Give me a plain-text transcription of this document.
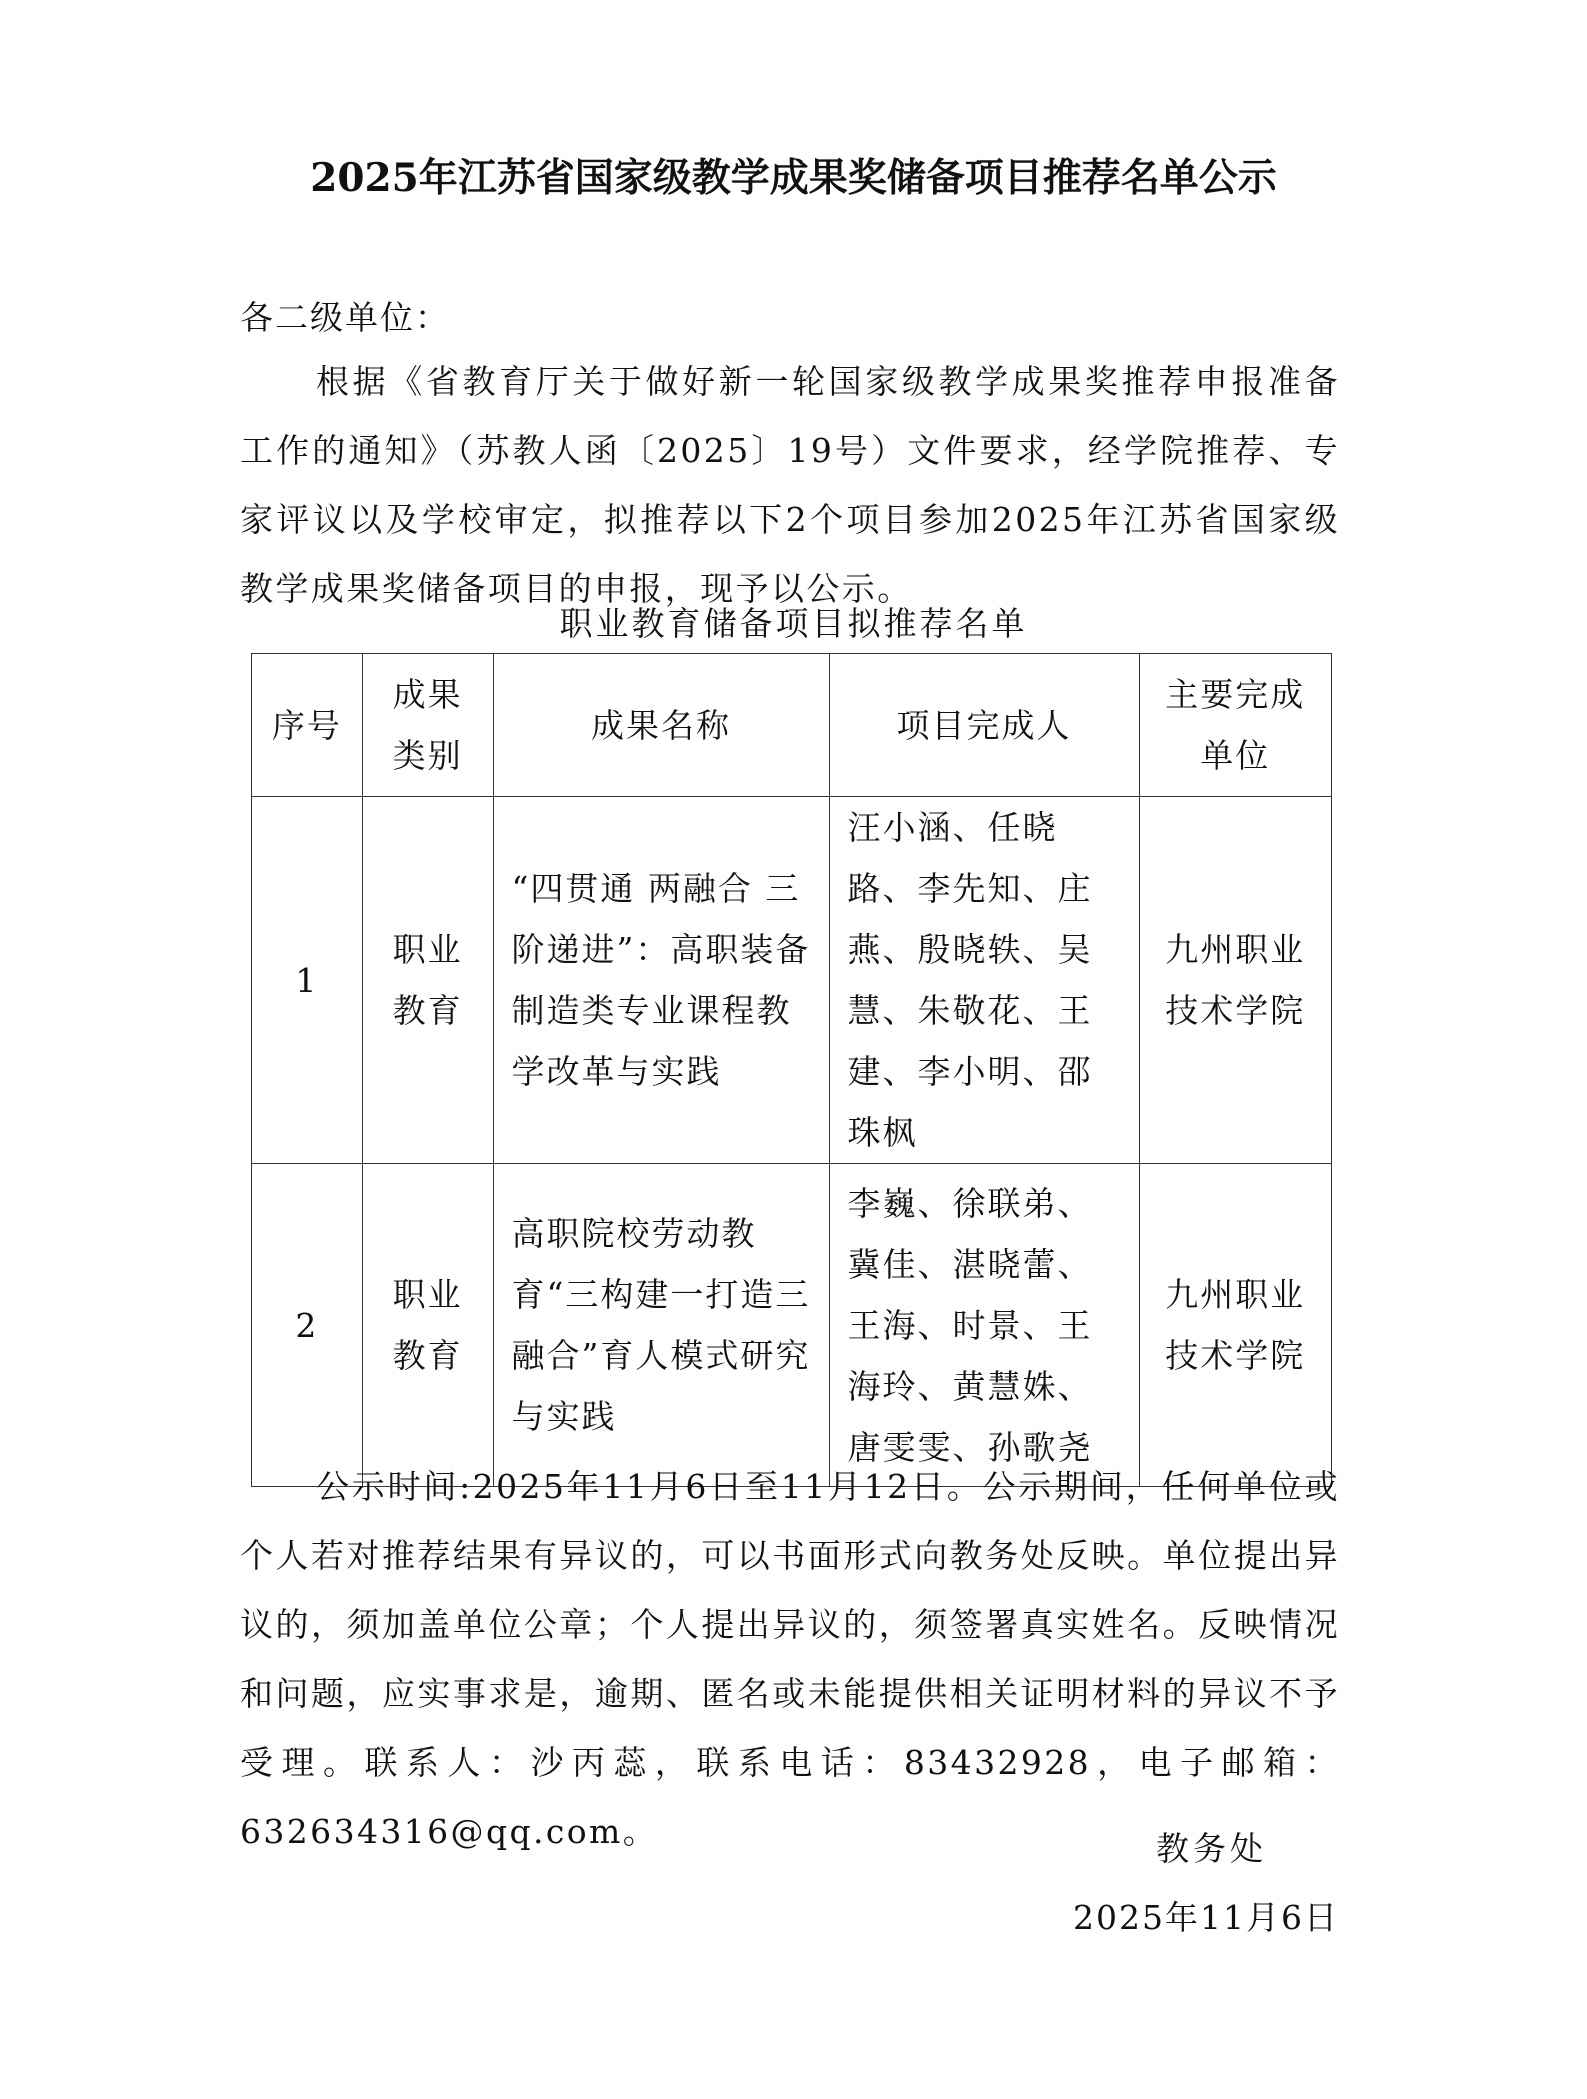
2025年江苏省国家级教学成果奖储备项目推荐名单公示
各二级单位：
根据《省教育厅关于做好新一轮国家级教学成果奖推荐申报准备工作的通知》（苏教人函〔2025〕19号）文件要求，经学院推荐、专家评议以及学校审定，拟推荐以下2个项目参加2025年江苏省国家级教学成果奖储备项目的申报，现予以公示。
职业教育储备项目拟推荐名单
序号	成果类别	成果名称	项目完成人	主要完成单位
1	职业教育	“四贯通 两融合 三阶递进”：高职装备制造类专业课程教学改革与实践	汪小涵、任晓路、李先知、庄燕、殷晓轶、吴慧、朱敬花、王建、李小明、邵珠枫	九州职业技术学院
2	职业教育	高职院校劳动教育“三构建一打造三融合”育人模式研究与实践	李巍、徐联弟、冀佳、湛晓蕾、王海、时景、王海玲、黄慧姝、唐雯雯、孙歌尧	九州职业技术学院
公示时间:2025年11月6日至11月12日。公示期间，任何单位或个人若对推荐结果有异议的，可以书面形式向教务处反映。单位提出异议的，须加盖单位公章；个人提出异议的，须签署真实姓名。反映情况和问题，应实事求是，逾期、匿名或未能提供相关证明材料的异议不予受理。联系人：沙丙蕊，联系电话：83432928，电子邮箱：632634316@qq.com。	教务处
2025年11月6日
